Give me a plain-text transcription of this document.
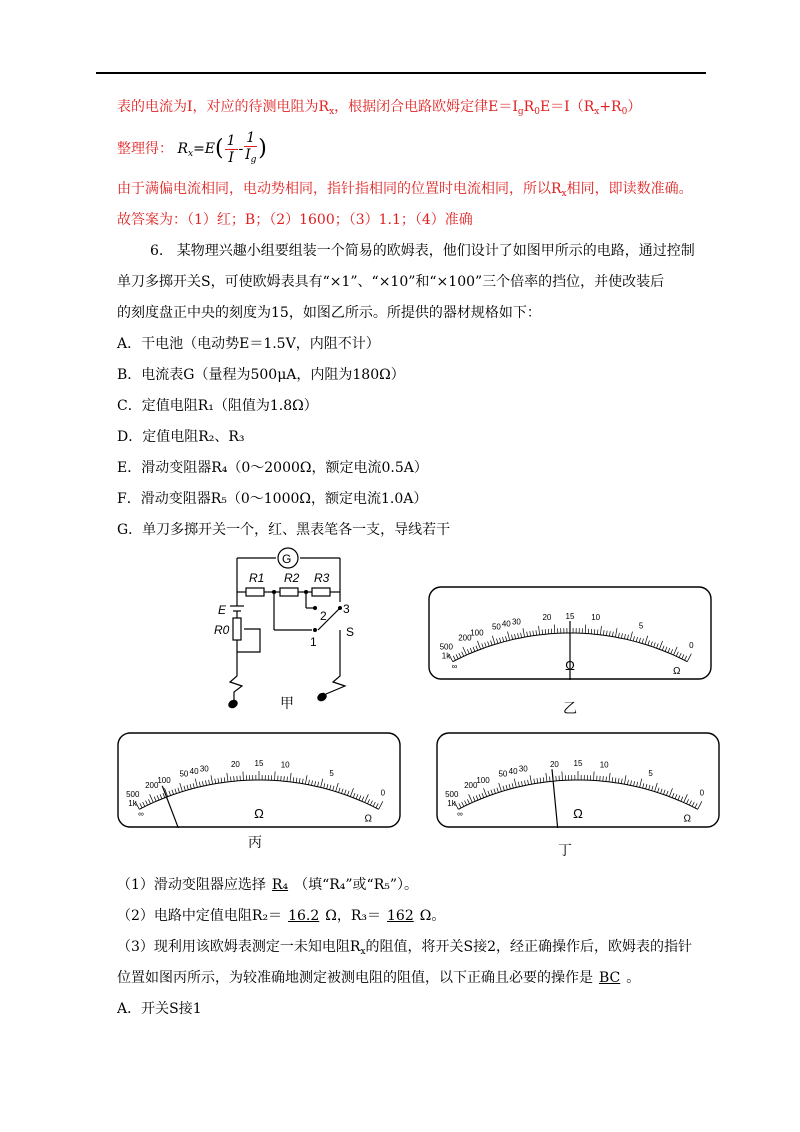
表的电流为I，对应的待测电阻为$R_x$，根据闭合电路欧姆定律$E=I_gR_0E=I(R_x+R_0)$
整理得： $R_x=E( \frac{1}{I} - \frac{1}{I_g}$ )
由于满偏电流相同，电动势相同，指针指相同的位置时电流相同，所以$R_x$相同，即读数准确。
故答案为：（1）红；B；（2）1600；（3）1.1；（4）准确
6. 某物理兴趣小组要组装一个简易的欧姆表，他们设计了如图甲所示的电路，通过控制
单刀多掷开关S，可使欧姆表具有“×1”、“×10”和“×100”三个倍率的挡位，并使改装后
的刻度盘正中央的刻度为15，如图乙所示。所提供的器材规格如下：
A．干电池（电动势E＝1.5V，内阻不计）
B．电流表G（量程为500μA，内阻为180Ω）
C．定值电阻R₁（阻值为1.8Ω）
D．定值电阻R₂、R₃
E．滑动变阻器R₄（0～2000Ω，额定电流0.5A）
F．滑动变阻器R₅（0～1000Ω，额定电流1.0A）
G．单刀多掷开关一个，红、黑表笔各一支，导线若干
G
R1 R2 R3
E
R0	S
1
2 3
甲
500
1k
200
100
50 40 30	20 15 10
5
0
∞	Ω
Ω
乙
500
1k
200
100
50 40 30	20 15 10
5
0
∞	Ω
Ω
丙
500
1k
200
100
50 40 30	20 15 10
5
0
∞	Ω
Ω
丁
（1）滑动变阻器应选择 R₄ （填“R₄”或“R₅”）。
（2）电路中定值电阻R₂＝ 16.2 Ω，R₃＝ 162 Ω。
（3）现利用该欧姆表测定一未知电阻$R_x$的阻值，将开关S接2，经正确操作后，欧姆表的指针
位置如图丙所示，为较准确地测定被测电阻的阻值，以下正确且必要的操作是 BC 。
A．开关S接1
